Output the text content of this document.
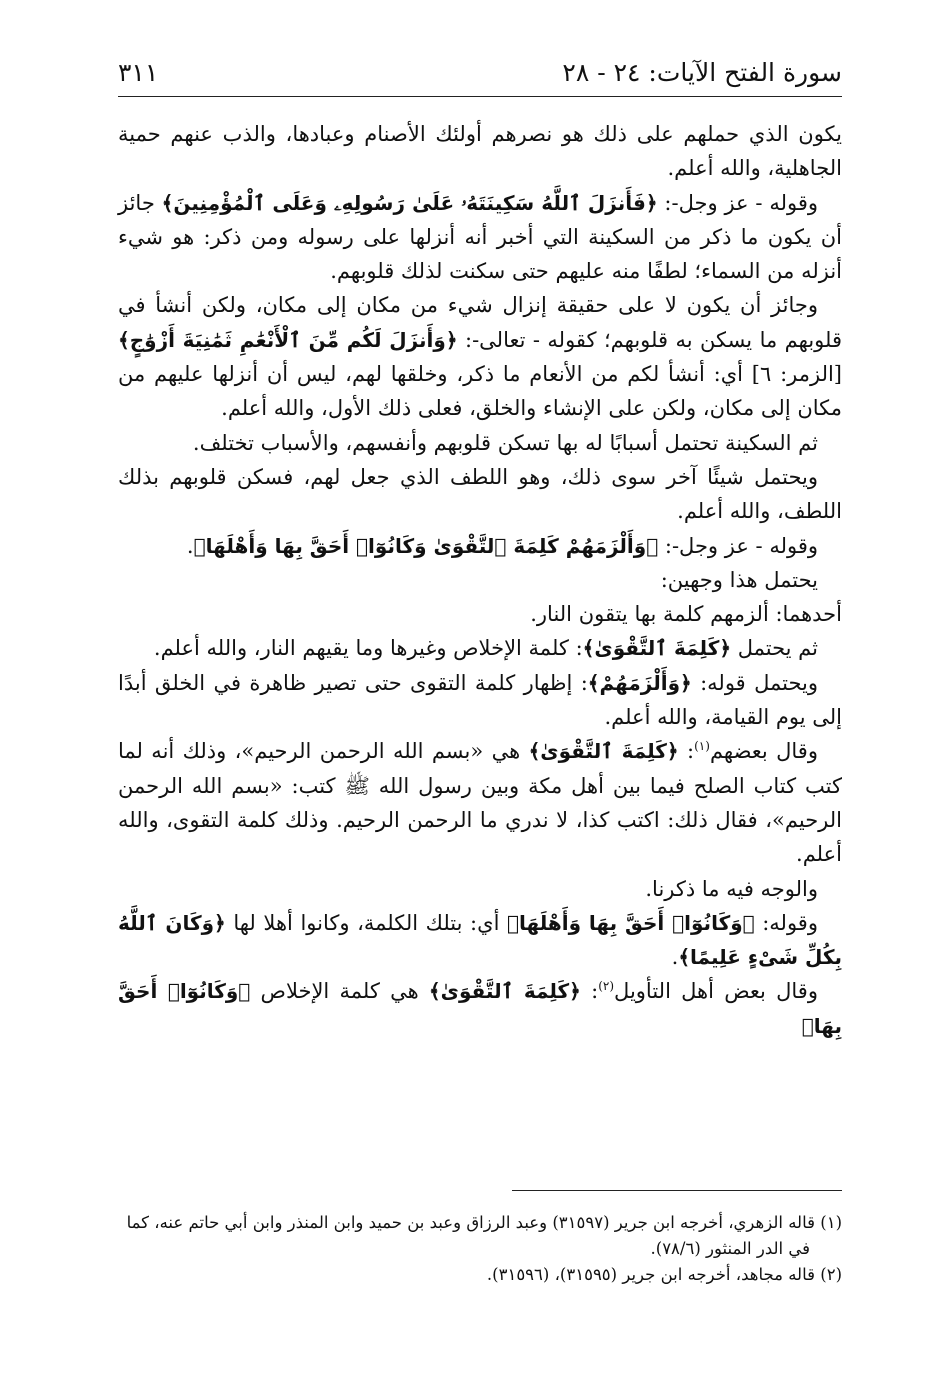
سورة الفتح الآيات: ٢٤ - ٢٨
٣١١

يكون الذي حملهم على ذلك هو نصرهم أولئك الأصنام وعبادها، والذب عنهم حمية الجاهلية، والله أعلم.

وقوله - عز وجل-: ﴿فَأَنزَلَ ٱللَّهُ سَكِينَتَهُۥ عَلَىٰ رَسُولِهِۦ وَعَلَى ٱلْمُؤْمِنِينَ﴾ جائز أن يكون ما ذكر من السكينة التي أخبر أنه أنزلها على رسوله ومن ذكر: هو شيء أنزله من السماء؛ لطفًا منه عليهم حتى سكنت لذلك قلوبهم.

وجائز أن يكون لا على حقيقة إنزال شيء من مكان إلى مكان، ولكن أنشأ في قلوبهم ما يسكن به قلوبهم؛ كقوله - تعالى-: ﴿وَأَنزَلَ لَكُم مِّنَ ٱلْأَنْعَٰمِ ثَمَٰنِيَةَ أَزْوَٰجٍ﴾ [الزمر: ٦] أي: أنشأ لكم من الأنعام ما ذكر، وخلقها لهم، ليس أن أنزلها عليهم من مكان إلى مكان، ولكن على الإنشاء والخلق، فعلى ذلك الأول، والله أعلم.

ثم السكينة تحتمل أسبابًا له بها تسكن قلوبهم وأنفسهم، والأسباب تختلف.

ويحتمل شيئًا آخر سوى ذلك، وهو اللطف الذي جعل لهم، فسكن قلوبهم بذلك اللطف، والله أعلم.

وقوله - عز وجل-: ﴿وَأَلْزَمَهُمْ كَلِمَةَ ٱلتَّقْوَىٰ وَكَانُوٓا۟ أَحَقَّ بِهَا وَأَهْلَهَا﴾.

يحتمل هذا وجهين:

أحدهما: ألزمهم كلمة بها يتقون النار.

ثم يحتمل ﴿كَلِمَةَ ٱلتَّقْوَىٰ﴾: كلمة الإخلاص وغيرها وما يقيهم النار، والله أعلم.

ويحتمل قوله: ﴿وَأَلْزَمَهُمْ﴾: إظهار كلمة التقوى حتى تصير ظاهرة في الخلق أبدًا إلى يوم القيامة، والله أعلم.

وقال بعضهم$^{(١)}$: ﴿كَلِمَةَ ٱلتَّقْوَىٰ﴾ هي «بسم الله الرحمن الرحيم»، وذلك أنه لما كتب كتاب الصلح فيما بين أهل مكة وبين رسول الله ﷺ كتب: «بسم الله الرحمن الرحيم»، فقال ذلك: اكتب كذا، لا ندري ما الرحمن الرحيم. وذلك كلمة التقوى، والله أعلم.

والوجه فيه ما ذكرنا.

وقوله: ﴿وَكَانُوٓا۟ أَحَقَّ بِهَا وَأَهْلَهَا﴾ أي: بتلك الكلمة، وكانوا أهلا لها ﴿وَكَانَ ٱللَّهُ بِكُلِّ شَىْءٍ عَلِيمًا﴾.

وقال بعض أهل التأويل$^{(٢)}$: ﴿كَلِمَةَ ٱلتَّقْوَىٰ﴾ هي كلمة الإخلاص ﴿وَكَانُوٓا۟ أَحَقَّ بِهَا﴾

(١) قاله الزهري، أخرجه ابن جرير (٣١٥٩٧) وعبد الرزاق وعبد بن حميد وابن المنذر وابن أبي حاتم عنه، كما في الدر المنثور (٧٨/٦).

(٢) قاله مجاهد، أخرجه ابن جرير (٣١٥٩٥)، (٣١٥٩٦).
